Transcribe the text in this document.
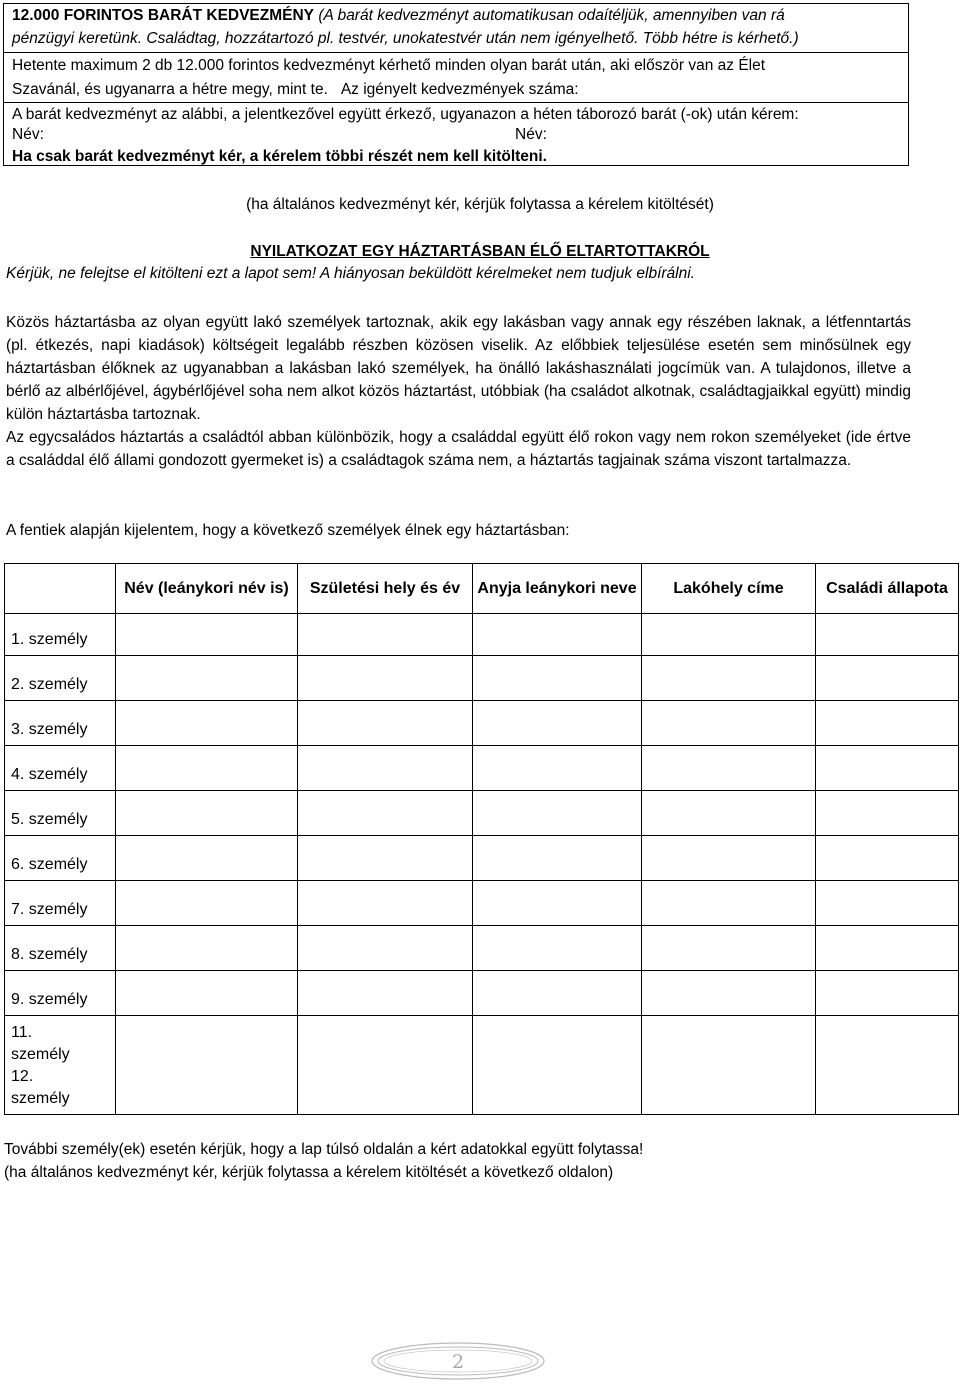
12.000 FORINTOS BARÁT KEDVEZMÉNY (A barát kedvezményt automatikusan odaítéljük, amennyiben van rá
pénzügyi keretünk. Családtag, hozzátartozó pl. testvér, unokatestvér után nem igényelhető. Több hétre is kérhető.)
Hetente maximum 2 db 12.000 forintos kedvezményt kérhető minden olyan barát után, aki először van az Élet
Szavánál, és ugyanarra a hétre megy, mint te. Az igényelt kedvezmények száma:
A barát kedvezményt az alábbi, a jelentkezővel együtt érkező, ugyanazon a héten táborozó barát (-ok) után kérem:
Név:	Név:
Ha csak barát kedvezményt kér, a kérelem többi részét nem kell kitölteni.
(ha általános kedvezményt kér, kérjük folytassa a kérelem kitöltését)
NYILATKOZAT EGY HÁZTARTÁSBAN ÉLŐ ELTARTOTTAKRÓL
Kérjük, ne felejtse el kitölteni ezt a lapot sem! A hiányosan beküldött kérelmeket nem tudjuk elbírálni.

Közös háztartásba az olyan együtt lakó személyek tartoznak, akik egy lakásban vagy annak egy részében laknak, a létfenntartás (pl. étkezés, napi kiadások) költségeit legalább részben közösen viselik. Az előbbiek teljesülése esetén sem minősülnek egy háztartásban élőknek az ugyanabban a lakásban lakó személyek, ha önálló lakáshasználati jogcímük van. A tulajdonos, illetve a bérlő az albérlőjével, ágybérlőjével soha nem alkot közös háztartást, utóbbiak (ha családot alkotnak, családtagjaikkal együtt) mindig külön háztartásba tartoznak.

Az egycsaládos háztartás a családtól abban különbözik, hogy a családdal együtt élő rokon vagy nem rokon személyeket (ide értve a családdal élő állami gondozott gyermeket is) a családtagok száma nem, a háztartás tagjainak száma viszont tartalmazza.

A fentiek alapján kijelentem, hogy a következő személyek élnek egy háztartásban:
	Név (leánykori név is)	Születési hely és év	Anyja leánykori neve	Lakóhely címe	Családi állapota
1. személy					
2. személy					
3. személy					
4. személy					
5. személy					
6. személy					
7. személy					
8. személy					
9. személy					

11.
személy
12.
személy					

További személy(ek) esetén kérjük, hogy a lap túlsó oldalán a kért adatokkal együtt folytassa!
(ha általános kedvezményt kér, kérjük folytassa a kérelem kitöltését a következő oldalon)
2
